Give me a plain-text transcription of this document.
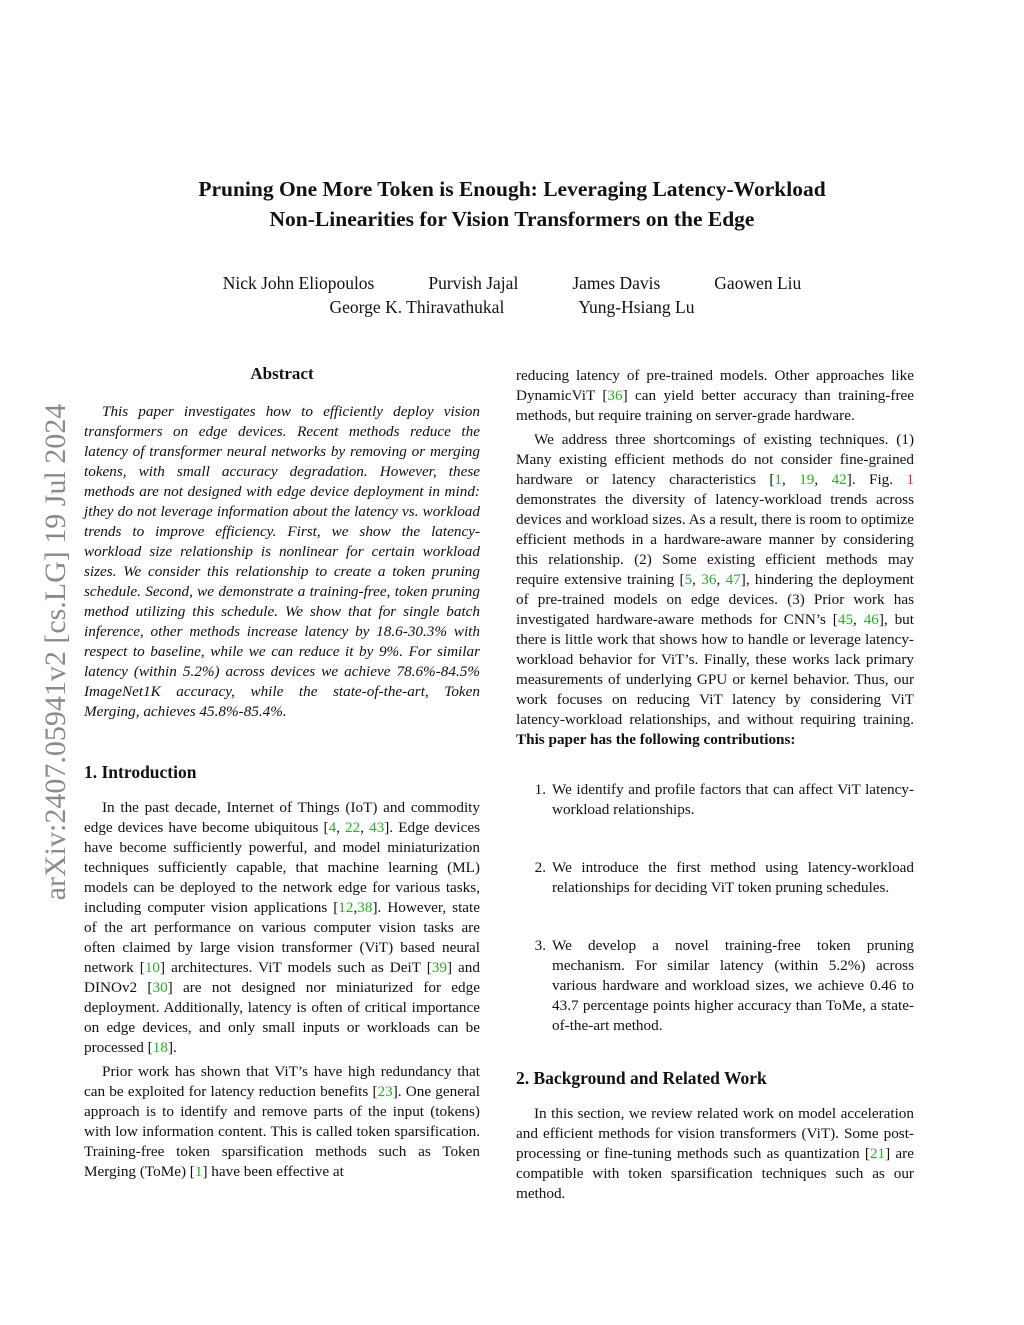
arXiv:2407.05941v2 [cs.LG] 19 Jul 2024
Pruning One More Token is Enough: Leveraging Latency-Workload
Non-Linearities for Vision Transformers on the Edge
Nick John Eliopoulos	Purvish Jajal	James Davis	Gaowen Liu
George K. Thiravathukal	Yung-Hsiang Lu
Abstract

This paper investigates how to efficiently deploy vision transformers on edge devices. Recent methods reduce the latency of transformer neural networks by removing or merging tokens, with small accuracy degradation. However, these methods are not designed with edge device deployment in mind: jthey do not leverage information about the latency vs. workload trends to improve efficiency. First, we show the latency-workload size relationship is nonlinear for certain workload sizes. We consider this relationship to create a token pruning schedule. Second, we demonstrate a training-free, token pruning method utilizing this schedule. We show that for single batch inference, other methods increase latency by 18.6-30.3% with respect to baseline, while we can reduce it by 9%. For similar latency (within 5.2%) across devices we achieve 78.6%-84.5% ImageNet1K accuracy, while the state-of-the-art, Token Merging, achieves 45.8%-85.4%.

1. Introduction

In the past decade, Internet of Things (IoT) and commodity edge devices have become ubiquitous [4, 22, 43]. Edge devices have become sufficiently powerful, and model miniaturization techniques sufficiently capable, that machine learning (ML) models can be deployed to the network edge for various tasks, including computer vision applications [12,38]. However, state of the art performance on various computer vision tasks are often claimed by large vision transformer (ViT) based neural network [10] architectures. ViT models such as DeiT [39] and DINOv2 [30] are not designed nor miniaturized for edge deployment. Additionally, latency is often of critical importance on edge devices, and only small inputs or workloads can be processed [18].

Prior work has shown that ViT’s have high redundancy that can be exploited for latency reduction benefits [23]. One general approach is to identify and remove parts of the input (tokens) with low information content. This is called token sparsification. Training-free token sparsification methods such as Token Merging (ToMe) [1] have been effective at

reducing latency of pre-trained models. Other approaches like DynamicViT [36] can yield better accuracy than training-free methods, but require training on server-grade hardware.

We address three shortcomings of existing techniques. (1) Many existing efficient methods do not consider fine-grained hardware or latency characteristics [1, 19, 42]. Fig. 1 demonstrates the diversity of latency-workload trends across devices and workload sizes. As a result, there is room to optimize efficient methods in a hardware-aware manner by considering this relationship. (2) Some existing efficient methods may require extensive training [5, 36, 47], hindering the deployment of pre-trained models on edge devices. (3) Prior work has investigated hardware-aware methods for CNN’s [45, 46], but there is little work that shows how to handle or leverage latency-workload behavior for ViT’s. Finally, these works lack primary measurements of underlying GPU or kernel behavior. Thus, our work focuses on reducing ViT latency by considering ViT latency-workload relationships, and without requiring training. This paper has the following contributions:

1. We identify and profile factors that can affect ViT latency-workload relationships.
2. We introduce the first method using latency-workload relationships for deciding ViT token pruning schedules.
3. We develop a novel training-free token pruning mechanism. For similar latency (within 5.2%) across various hardware and workload sizes, we achieve 0.46 to 43.7 percentage points higher accuracy than ToMe, a state-of-the-art method.
2. Background and Related Work

In this section, we review related work on model acceleration and efficient methods for vision transformers (ViT). Some post-processing or fine-tuning methods such as quantization [21] are compatible with token sparsification techniques such as our method.
